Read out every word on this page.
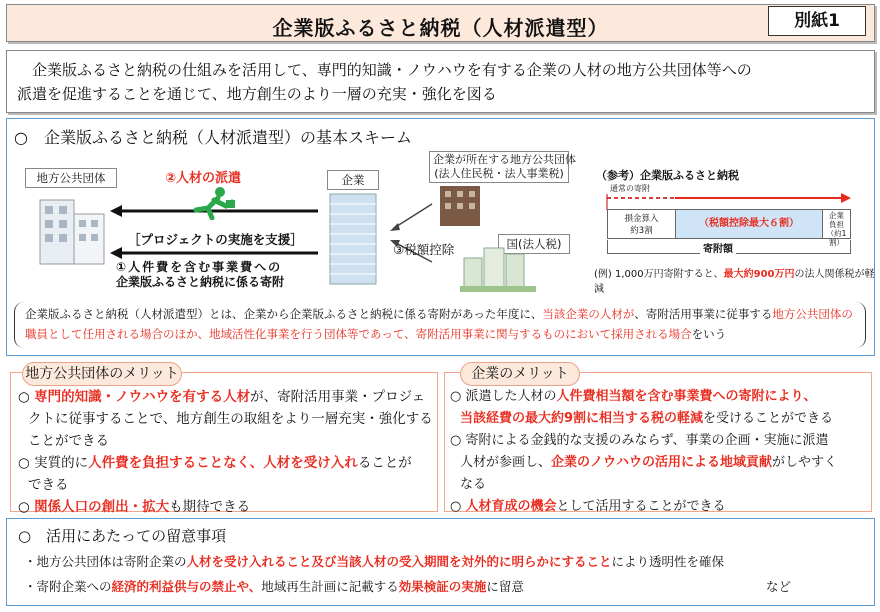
企業版ふるさと納税（人材派遣型）	別紙1
　企業版ふるさと納税の仕組みを活用して、専門的知識・ノウハウを有する企業の人材の地方公共団体等への
派遣を促進することを通じて、地方創生のより一層の充実・強化を図る
○　企業版ふるさと納税（人材派遣型）の基本スキーム
地方公共団体	企業
②人材の派遣
［プロジェクトの実施を支援］
①人件費を含む事業費への
企業版ふるさと納税に係る寄附
企業が所在する地方公共団体
(法人住民税・法人事業税)
国(法人税)
③税額控除
（参考）企業版ふるさと納税
通常の寄附
損金算入
約3割
（税額控除最大６割）
企業
負担
（約1割）
寄附額
(例) 1,000万円寄附すると、最大約900万円の法人関係税が軽減
企業版ふるさと納税（人材派遣型）とは、企業から企業版ふるさと納税に係る寄附があった年度に、当該企業の人材が、寄附活用事業に従事する地方公共団体の職員として任用される場合のほか、地域活性化事業を行う団体等であって、寄附活用事業に関与するものにおいて採用される場合をいう
地方公共団体のメリット
○ 専門的知識・ノウハウを有する人材が、寄附活用事業・プロジェ
クトに従事することで、地方創生の取組をより一層充実・強化する
ことができる
○ 実質的に人件費を負担することなく、人材を受け入れることが
できる
○ 関係人口の創出・拡大も期待できる
企業のメリット
○ 派遣した人材の人件費相当額を含む事業費への寄附により、
当該経費の最大約9割に相当する税の軽減を受けることができる
○ 寄附による金銭的な支援のみならず、事業の企画・実施に派遣
人材が参画し、企業のノウハウの活用による地域貢献がしやすく
なる
○ 人材育成の機会として活用することができる
○　活用にあたっての留意事項
・地方公共団体は寄附企業の人材を受け入れること及び当該人材の受入期間を対外的に明らかにすることにより透明性を確保
・寄附企業への経済的利益供与の禁止や、地域再生計画に記載する効果検証の実施に留意	など
